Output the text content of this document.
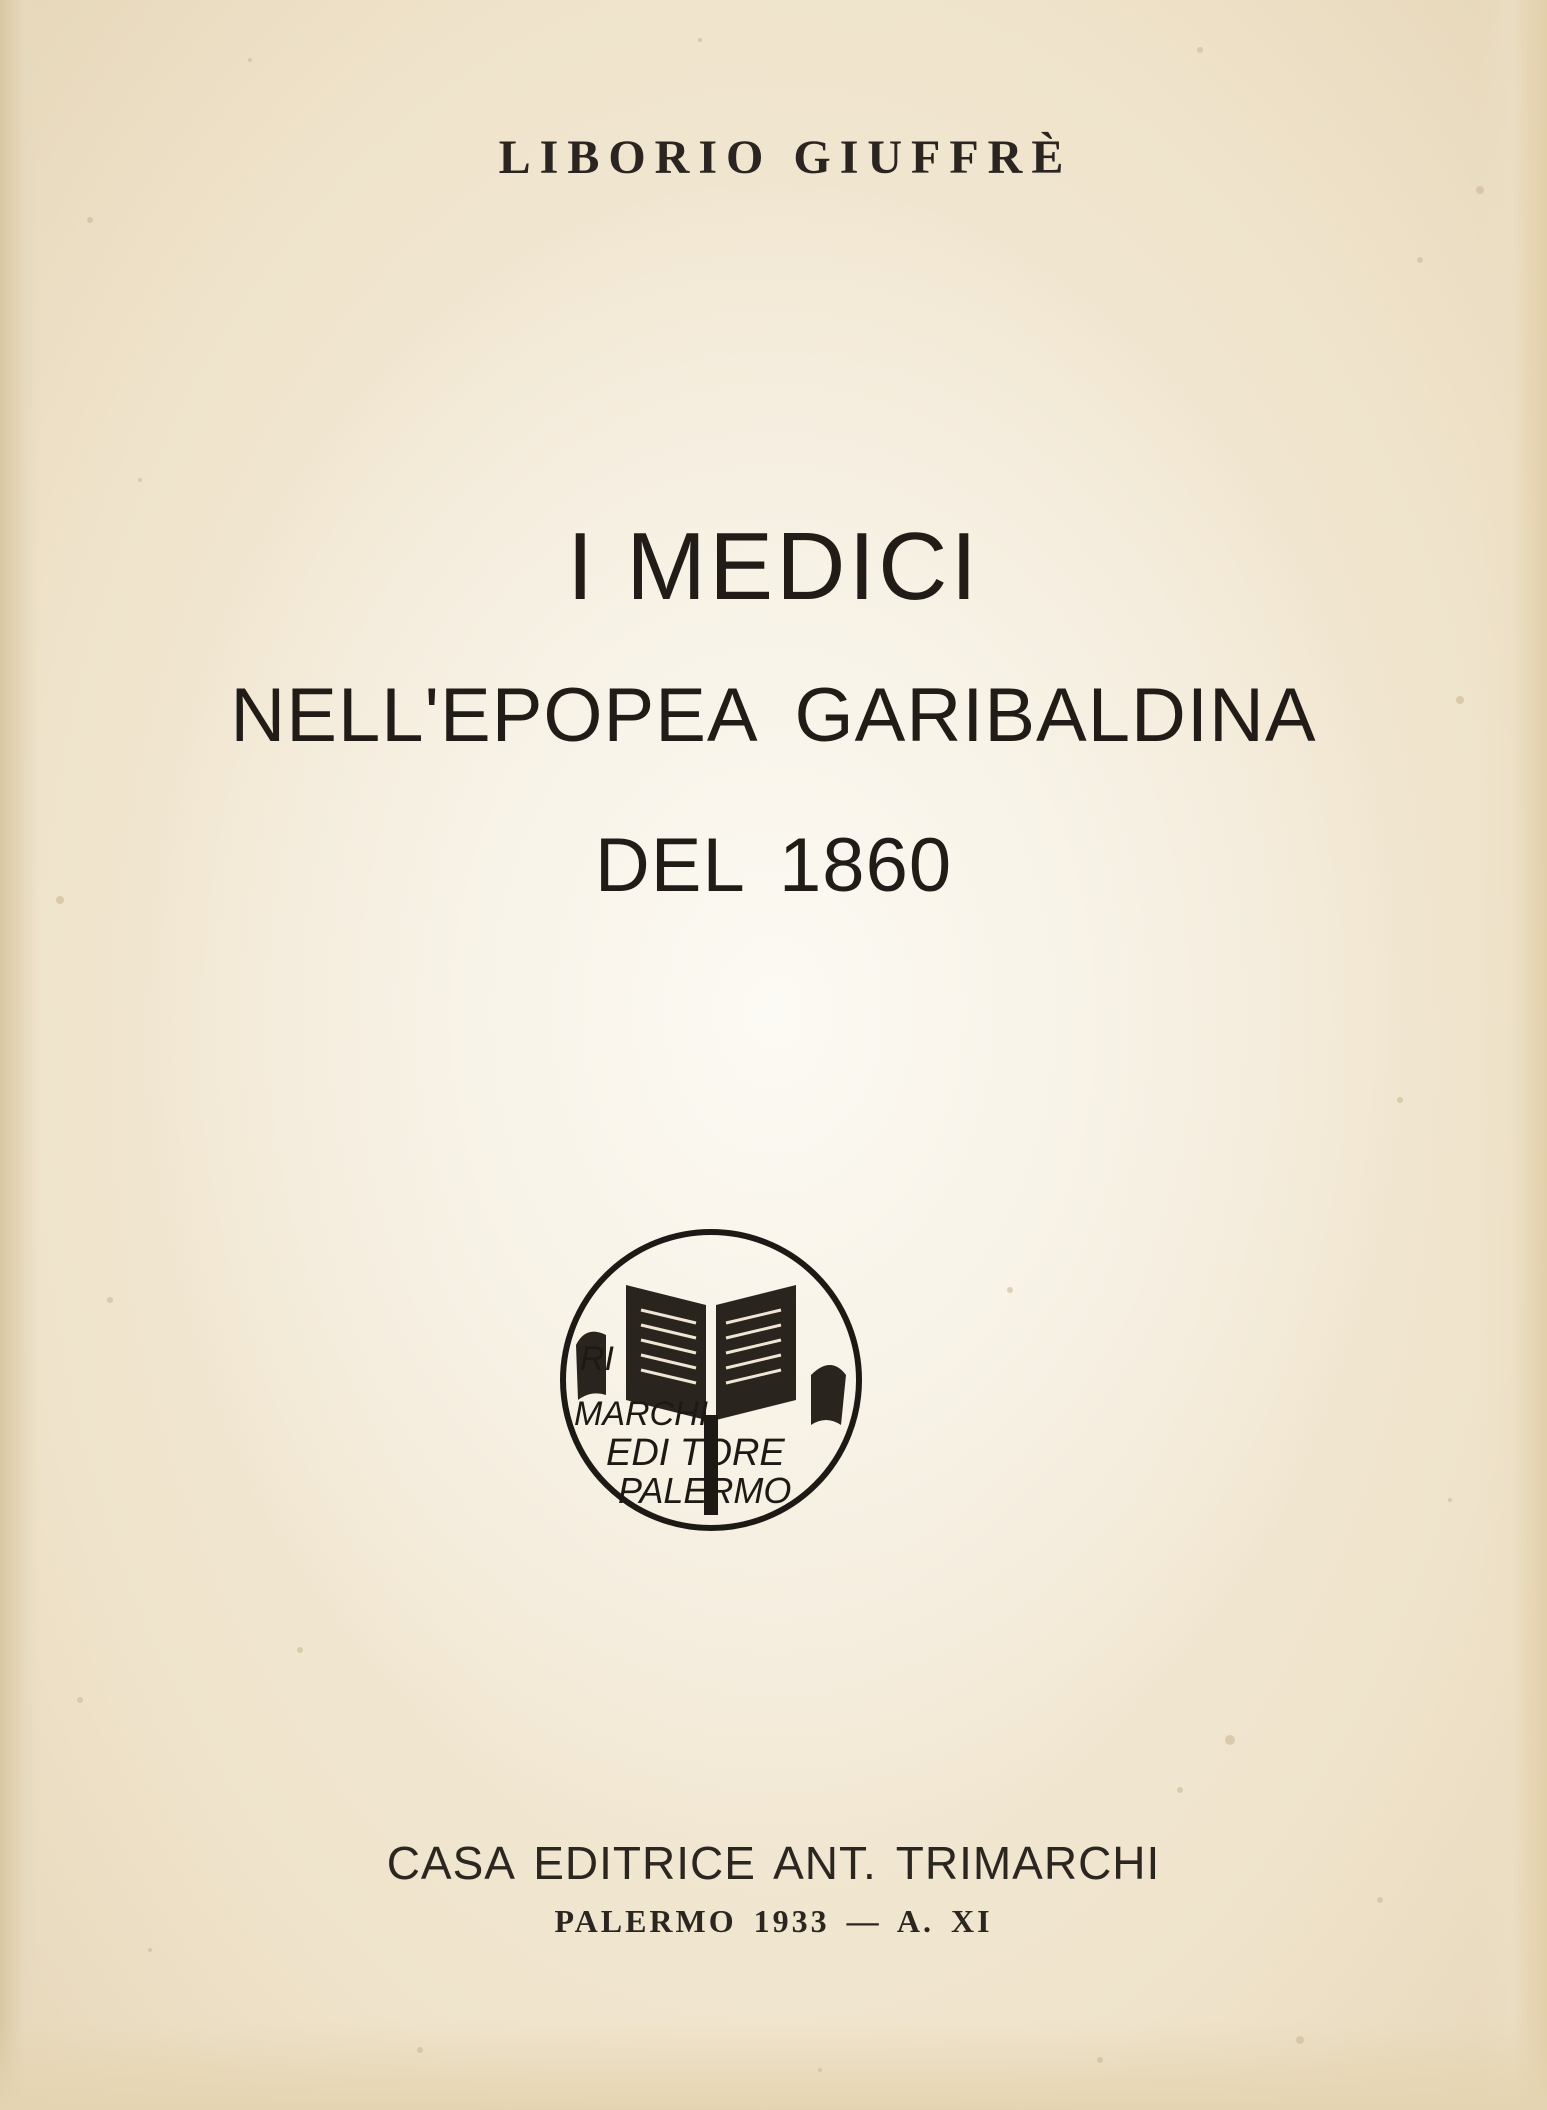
LIBORIO GIUFFRÈ
I MEDICI
NELL'EPOPEA GARIBALDINA
DEL 1860
RI
MARCHI
EDI TORE
PALERMO
CASA EDITRICE ANT. TRIMARCHI
PALERMO 1933 — A. XI
